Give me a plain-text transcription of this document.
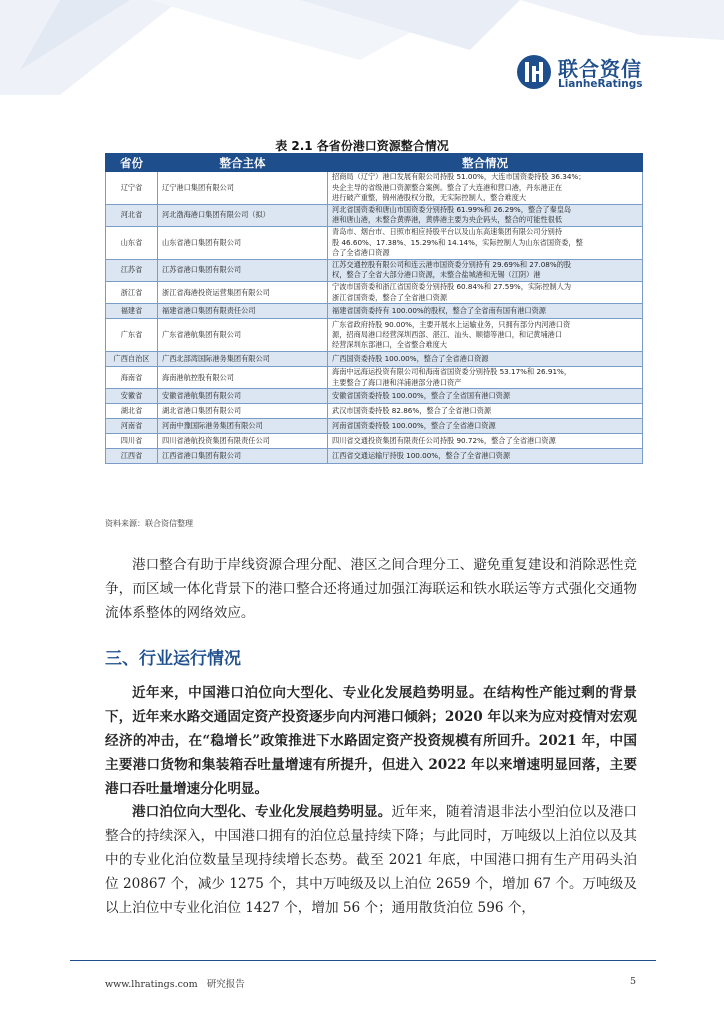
联合资信
LianheRatings
表 2.1 各省份港口资源整合情况
省份	整合主体	整合情况
辽宁省	辽宁港口集团有限公司	招商局（辽宁）港口发展有限公司持股 51.00%，大连市国资委持股 36.34%；
央企主导的省级港口资源整合案例。整合了大连港和营口港，丹东港正在
进行破产重整，锦州港股权分散，无实际控制人，整合难度大

河北省	河北渤海港口集团有限公司（拟）	河北省国资委和唐山市国资委分别持股 61.99%和 26.29%，整合了秦皇岛
港和唐山港，未整合黄骅港，黄骅港主要为央企码头，整合的可能性很低

山东省	山东省港口集团有限公司	青岛市、烟台市、日照市相应持股平台以及山东高速集团有限公司分别持
股 46.60%、17.38%、15.29%和 14.14%，实际控制人为山东省国资委，整
合了全省港口资源

江苏省	江苏省港口集团有限公司	江苏交通控股有限公司和连云港市国资委分别持有 29.69%和 27.08%的股
权，整合了全省大部分港口资源，未整合盐城港和无锡（江阴）港

浙江省	浙江省海港投资运营集团有限公司	宁波市国资委和浙江省国资委分别持股 60.84%和 27.59%，实际控制人为
浙江省国资委，整合了全省港口资源

福建省	福建省港口集团有限责任公司	福建省国资委持有 100.00%的股权，整合了全省南有国有港口资源

广东省	广东省港航集团有限公司	广东省政府持股 90.00%，主要开展水上运输业务，只拥有部分内河港口资
源，招商局港口经营深圳西部、湛江、汕头、顺德等港口，和记黄埔港口
经营深圳东部港口，全省整合难度大

广西自治区	广西北部湾国际港务集团有限公司	广西国资委持股 100.00%，整合了全省港口资源

海南省	海南港航控股有限公司	海南中远海运投资有限公司和海南省国资委分别持股 53.17%和 26.91%，
主要整合了海口港和洋浦港部分港口资产

安徽省	安徽省港航集团有限公司	安徽省国资委持股 100.00%，整合了全省国有港口资源

湖北省	湖北省港口集团有限公司	武汉市国资委持股 82.86%，整合了全省港口资源

河南省	河南中豫国际港务集团有限公司	河南省国资委持股 100.00%，整合了全省港口资源

四川省	四川省港航投资集团有限责任公司	四川省交通投资集团有限责任公司持股 90.72%，整合了全省港口资源

江西省	江西省港口集团有限公司	江西省交通运输厅持股 100.00%，整合了全省港口资源
资料来源：联合资信整理

港口整合有助于岸线资源合理分配、港区之间合理分工、避免重复建设和消除恶性竞争，而区域一体化背景下的港口整合还将通过加强江海联运和铁水联运等方式强化交通物流体系整体的网络效应。

三、行业运行情况

近年来，中国港口泊位向大型化、专业化发展趋势明显。在结构性产能过剩的背景下，近年来水路交通固定资产投资逐步向内河港口倾斜；2020 年以来为应对疫情对宏观经济的冲击，在“稳增长”政策推进下水路固定资产投资规模有所回升。2021 年，中国主要港口货物和集装箱吞吐量增速有所提升，但进入 2022 年以来增速明显回落，主要港口吞吐量增速分化明显。

港口泊位向大型化、专业化发展趋势明显。近年来，随着清退非法小型泊位以及港口整合的持续深入，中国港口拥有的泊位总量持续下降；与此同时，万吨级以上泊位以及其中的专业化泊位数量呈现持续增长态势。截至 2021 年底，中国港口拥有生产用码头泊位 20867 个，减少 1275 个，其中万吨级及以上泊位 2659 个，增加 67 个。万吨级及以上泊位中专业化泊位 1427 个，增加 56 个；通用散货泊位 596 个，

www.lhratings.com 研究报告	5
